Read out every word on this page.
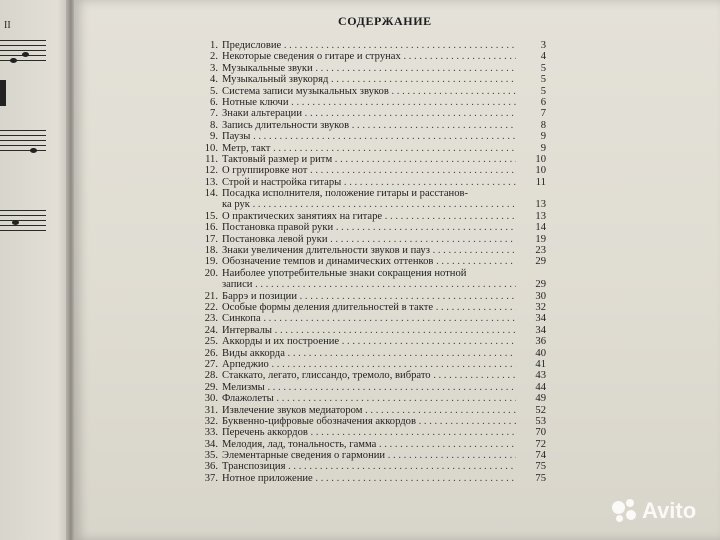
II	СОДЕРЖАНИЕ
1. Предисловие . . .	3
2. Некоторые сведения о гитаре и струнах . . .	4
3. Музыкальные звуки . . .	5
4. Музыкальный звукоряд . . .	5
5. Система записи музыкальных звуков . . .	5
6. Нотные ключи . . .	6
7. Знаки альтерации . . .	7
8. Запись длительности звуков . . .	8
9. Паузы . . .	9
10. Метр, такт . . .	9
11. Тактовый размер и ритм . . .	10
12. О группировке нот . . .	10
13. Строй и настройка гитары . . .	11
14. Посадка исполнителя, положение гитары и расстанов-
ка рук . . .	13
15. О практических занятиях на гитаре . . .	13
16. Постановка правой руки . . .	14
17. Постановка левой руки . . .	19
18. Знаки увеличения длительности звуков и пауз . . .	23
19. Обозначение темпов и динамических оттенков . . .	29
20. Наиболее употребительные знаки сокращения нотной
записи . . .	29
21. Баррэ и позиции . . .	30
22. Особые формы деления длительностей в такте . . .	32
23. Синкопа . . .	34
24. Интервалы . . .	34
25. Аккорды и их построение . . .	36
26. Виды аккорда . . .	40
27. Арпеджио . . .	41
28. Стаккато, легато, глиссандо, тремоло, вибрато . . .	43
29. Мелизмы . . .	44
30. Флажолеты . . .	49
31. Извлечение звуков медиатором . . .	52
32. Буквенно-цифровые обозначения аккордов . . .	53
33. Перечень аккордов . . .	70
34. Мелодия, лад, тональность, гамма . . .	72
35. Элементарные сведения о гармонии . . .	74
36. Транспозиция . . .	75
37. Нотное приложение . . .	75
Avito
